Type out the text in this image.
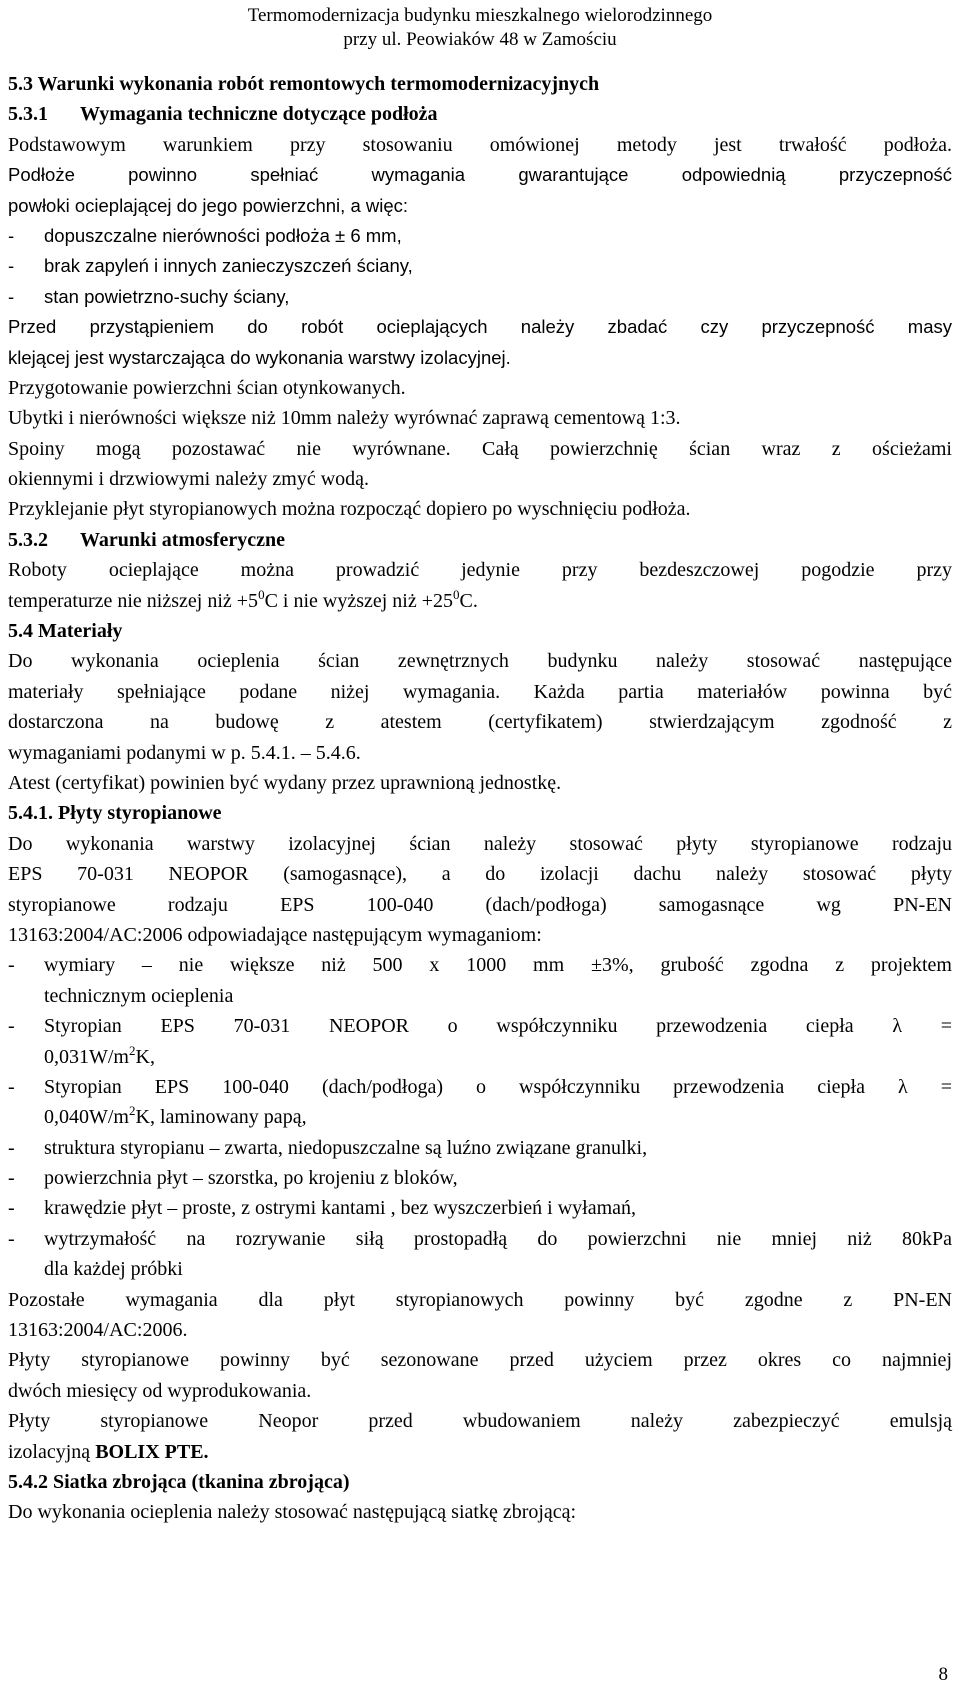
Termomodernizacja budynku mieszkalnego wielorodzinnego
przy ul. Peowiaków 48 w Zamościu
5.3 Warunki wykonania robót remontowych termomodernizacyjnych
5.3.1 Wymagania techniczne dotyczące podłoża
Podstawowym warunkiem przy stosowaniu omówionej metody jest trwałość podłoża.
Podłoże powinno spełniać wymagania gwarantujące odpowiednią przyczepność
powłoki ocieplającej do jego powierzchni, a więc:
- dopuszczalne nierówności podłoża ± 6 mm,
- brak zapyleń i innych zanieczyszczeń ściany,
- stan powietrzno-suchy ściany,
Przed przystąpieniem do robót ocieplających należy zbadać czy przyczepność masy
klejącej jest wystarczająca do wykonania warstwy izolacyjnej.
Przygotowanie powierzchni ścian otynkowanych.
Ubytki i nierówności większe niż 10mm należy wyrównać zaprawą cementową 1:3.
Spoiny mogą pozostawać nie wyrównane. Całą powierzchnię ścian wraz z ościeżami
okiennymi i drzwiowymi należy zmyć wodą.
Przyklejanie płyt styropianowych można rozpocząć dopiero po wyschnięciu podłoża.
5.3.2 Warunki atmosferyczne
Roboty ocieplające można prowadzić jedynie przy bezdeszczowej pogodzie przy
temperaturze nie niższej niż $+5^0C$ i nie wyższej niż $+25^0C$.
5.4 Materiały
Do wykonania ocieplenia ścian zewnętrznych budynku należy stosować następujące
materiały spełniające podane niżej wymagania. Każda partia materiałów powinna być
dostarczona na budowę z atestem (certyfikatem) stwierdzającym zgodność z
wymaganiami podanymi w p. 5.4.1. – 5.4.6.
Atest (certyfikat) powinien być wydany przez uprawnioną jednostkę.
5.4.1. Płyty styropianowe
Do wykonania warstwy izolacyjnej ścian należy stosować płyty styropianowe rodzaju
EPS 70-031 NEOPOR (samogasnące), a do izolacji dachu należy stosować płyty
styropianowe rodzaju EPS 100-040 (dach/podłoga) samogasnące wg PN-EN
13163:2004/AC:2006 odpowiadające następującym wymaganiom:
- wymiary – nie większe niż 500 x 1000 mm ±3%, grubość zgodna z projektem
technicznym ocieplenia
- Styropian EPS 70-031 NEOPOR o współczynniku przewodzenia ciepła λ =
$0,031W/m^2K$,
- Styropian EPS 100-040 (dach/podłoga) o współczynniku przewodzenia ciepła λ =
$0,040W/m^2K$, laminowany papą,
- struktura styropianu – zwarta, niedopuszczalne są luźno związane granulki,
- powierzchnia płyt – szorstka, po krojeniu z bloków,
- krawędzie płyt – proste, z ostrymi kantami , bez wyszczerbień i wyłamań,
- wytrzymałość na rozrywanie siłą prostopadłą do powierzchni nie mniej niż 80kPa
dla każdej próbki
Pozostałe wymagania dla płyt styropianowych powinny być zgodne z PN-EN
13163:2004/AC:2006.
Płyty styropianowe powinny być sezonowane przed użyciem przez okres co najmniej
dwóch miesięcy od wyprodukowania.
Płyty styropianowe Neopor przed wbudowaniem należy zabezpieczyć emulsją
izolacyjną BOLIX PTE.
5.4.2 Siatka zbrojąca (tkanina zbrojąca)
Do wykonania ocieplenia należy stosować następującą siatkę zbrojącą:
8
